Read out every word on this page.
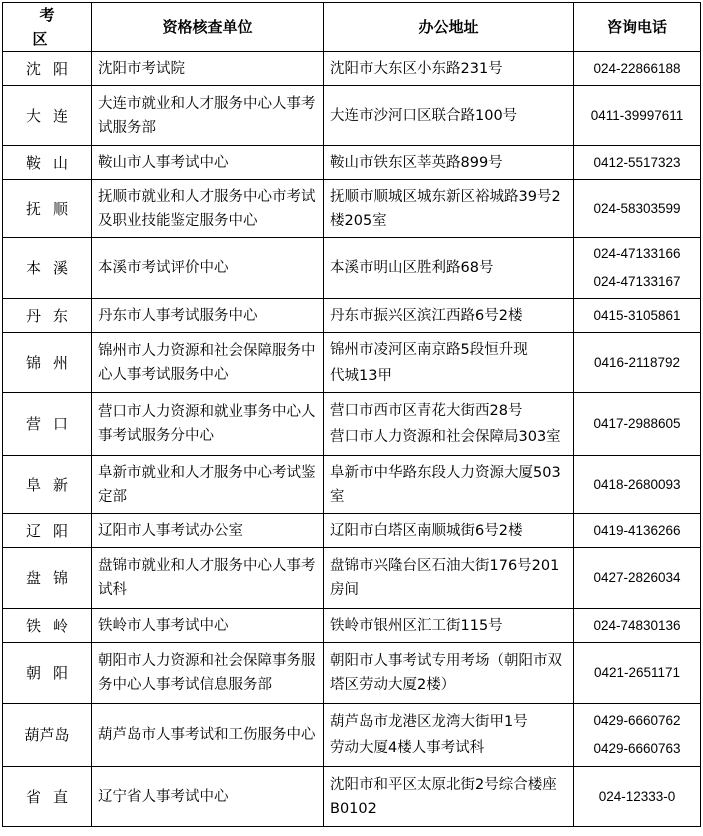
考 区	资格核查单位	办公地址	咨询电话
沈阳	沈阳市考试院	沈阳市大东区小东路231号	024-22866188

大连	大连市就业和人才服务中心人事考试服务部	大连市沙河口区联合路100号	0411-39997611

鞍山	鞍山市人事考试中心	鞍山市铁东区莘英路899号	0412-5517323

抚顺	抚顺市就业和人才服务中心市考试及职业技能鉴定服务中心	抚顺市顺城区城东新区裕城路39号2楼205室	024-58303599

本溪	本溪市考试评价中心	本溪市明山区胜利路68号	024-47133166
024-47133167

丹东	丹东市人事考试服务中心	丹东市振兴区滨江西路6号2楼	0415-3105861

锦州	锦州市人力资源和社会保障服务中心人事考试服务中心	锦州市凌河区南京路5段恒升现
代城13甲	0416-2118792

营口	营口市人力资源和就业事务中心人事考试服务分中心	营口市西市区青花大街西28号
营口市人力资源和社会保障局303室	0417-2988605

阜新	阜新市就业和人才服务中心考试鉴定部	阜新市中华路东段人力资源大厦503室	0418-2680093

辽阳	辽阳市人事考试办公室	辽阳市白塔区南顺城街6号2楼	0419-4136266

盘锦	盘锦市就业和人才服务中心人事考试科	盘锦市兴隆台区石油大街176号201房间	0427-2826034

铁岭	铁岭市人事考试中心	铁岭市银州区汇工街115号	024-74830136

朝阳	朝阳市人力资源和社会保障事务服务中心人事考试信息服务部	朝阳市人事考试专用考场（朝阳市双塔区劳动大厦2楼）	0421-2651171

葫芦岛	葫芦岛市人事考试和工伤服务中心	葫芦岛市龙港区龙湾大街甲1号
劳动大厦4楼人事考试科	0429-6660762
0429-6660763

省直	辽宁省人事考试中心	沈阳市和平区太原北街2号综合楼座B0102	024-12333-0
